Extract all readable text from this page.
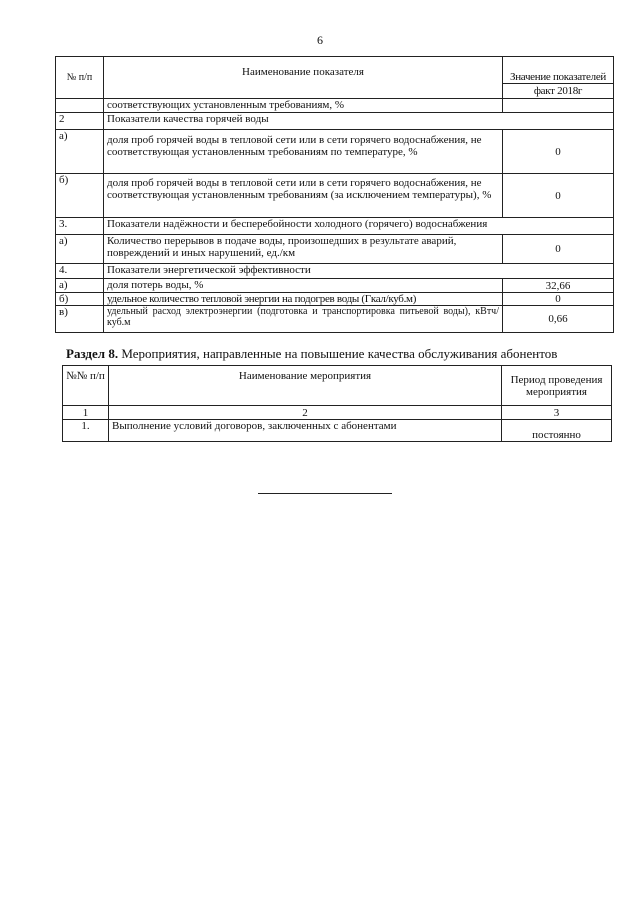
6
№ п/п	Наименование показателя	Значение показателей
факт 2018г

	соответствующих установленным требованиям, %	
2	Показатели качества горячей воды	
а)	доля проб горячей воды в тепловой сети или в сети горячего водоснабжения, не соответствующая установленным требованиям по температуре, %	0
б)	доля проб горячей воды в тепловой сети или в сети горячего водоснабжения, не соответствующая установленным требованиям (за исключением температуры), %	0
3.	Показатели надёжности и бесперебойности холодного (горячего) водоснабжения	
а)	Количество перерывов в подаче воды, произошедших в результате аварий, повреждений и иных нарушений, ед./км	0
4.	Показатели энергетической эффективности	
а)	доля потерь воды, %	32,66
б)	удельное количество тепловой энергии на подогрев воды (Гкал/куб.м)	0
в)	удельный расход электроэнергии (подготовка и транспортировка питьевой воды), кВтч/куб.м	0,66
Раздел 8. Мероприятия, направленные на повышение качества обслуживания абонентов
№№ п/п	Наименование мероприятия	Период проведения мероприятия
1	2	3
1.	Выполнение условий договоров, заключенных с абонентами	постоянно
